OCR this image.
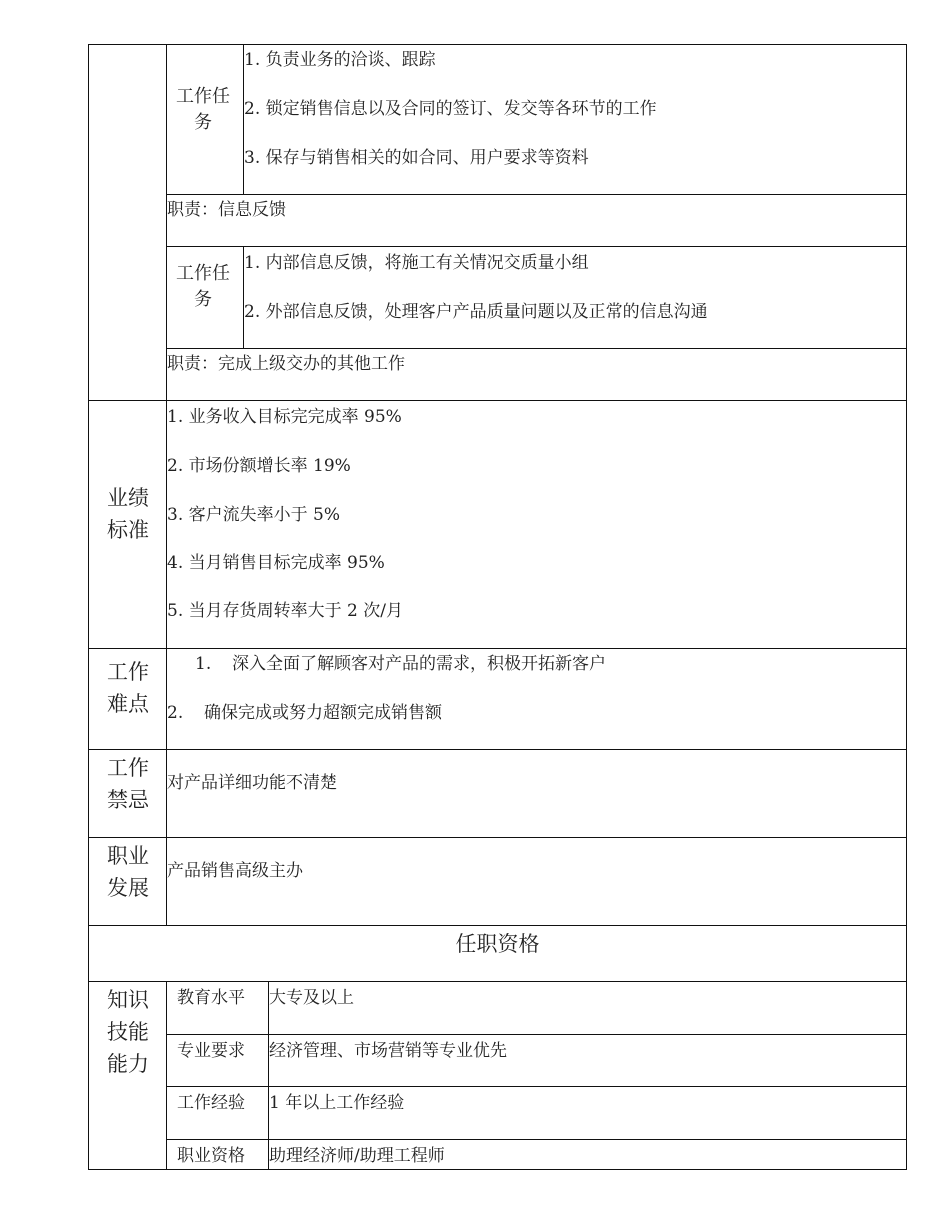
工作任务
1. 负责业务的洽谈、跟踪
2. 锁定销售信息以及合同的签订、发交等各环节的工作
3. 保存与销售相关的如合同、用户要求等资料
职责：信息反馈
工作任务
1. 内部信息反馈，将施工有关情况交质量小组
2. 外部信息反馈，处理客户产品质量问题以及正常的信息沟通
职责：完成上级交办的其他工作
业绩
标准
1. 业务收入目标完完成率 95%
2. 市场份额增长率 19%
3. 客户流失率小于 5%
4. 当月销售目标完成率 95%
5. 当月存货周转率大于 2 次/月
工作
难点
1. 深入全面了解顾客对产品的需求，积极开拓新客户
2. 确保完成或努力超额完成销售额
工作
禁忌
对产品详细功能不清楚
职业
发展
产品销售高级主办
任职资格
知识
技能
能力
教育水平 大专及以上
专业要求 经济管理、市场营销等专业优先
工作经验 1 年以上工作经验
职业资格 助理经济师/助理工程师
